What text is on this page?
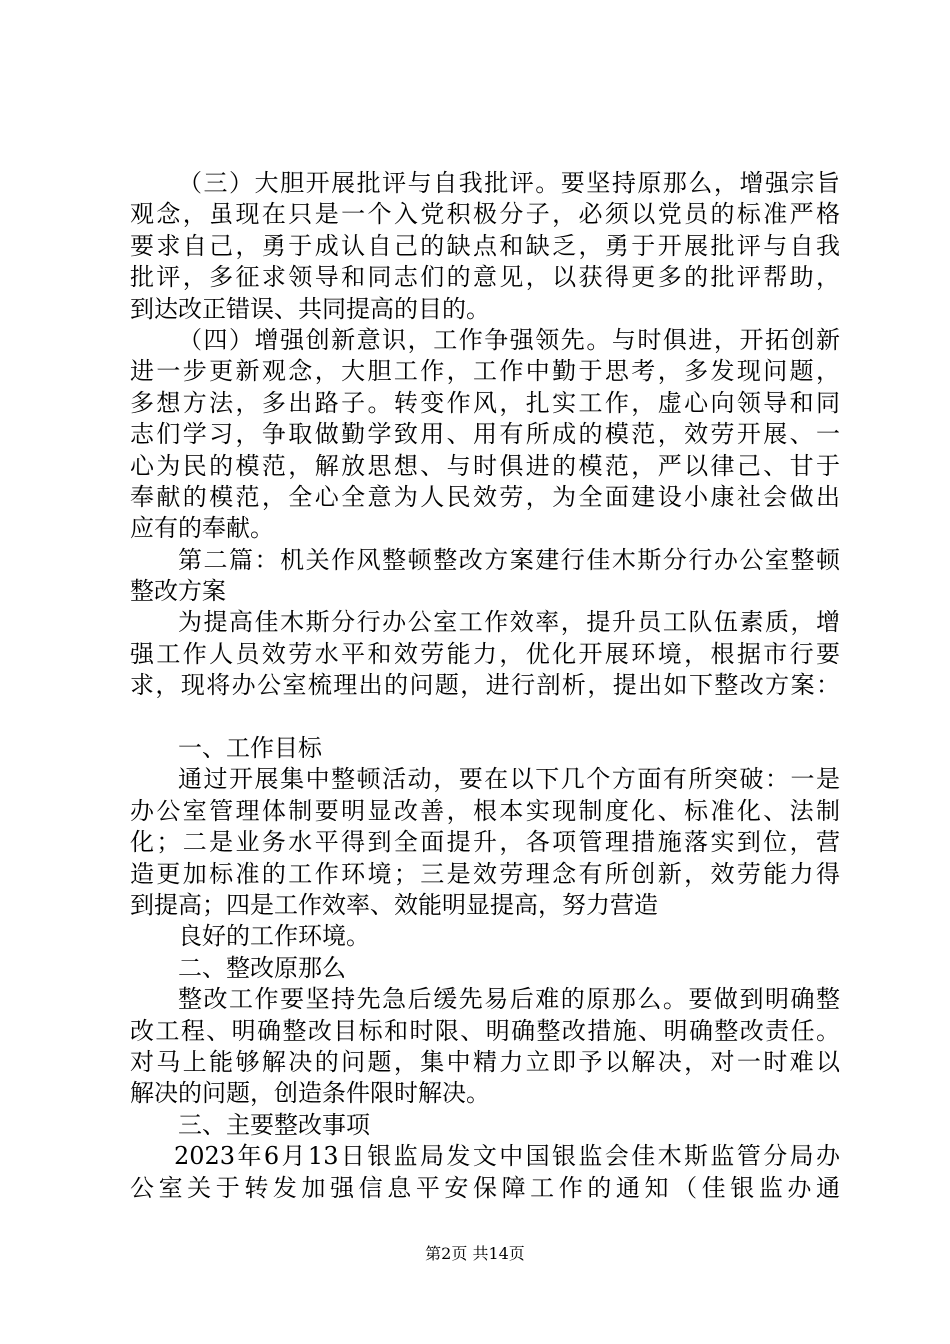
（三）大胆开展批评与自我批评。要坚持原那么，增强宗旨
观念，虽现在只是一个入党积极分子，必须以党员的标准严格
要求自己，勇于成认自己的缺点和缺乏，勇于开展批评与自我
批评，多征求领导和同志们的意见，以获得更多的批评帮助，
到达改正错误、共同提高的目的。
（四）增强创新意识，工作争强领先。与时俱进，开拓创新
进一步更新观念，大胆工作，工作中勤于思考，多发现问题，
多想方法，多出路子。转变作风，扎实工作，虚心向领导和同
志们学习，争取做勤学致用、用有所成的模范，效劳开展、一
心为民的模范，解放思想、与时俱进的模范，严以律己、甘于
奉献的模范，全心全意为人民效劳，为全面建设小康社会做出
应有的奉献。
第二篇：机关作风整顿整改方案建行佳木斯分行办公室整顿
整改方案
为提高佳木斯分行办公室工作效率，提升员工队伍素质，增
强工作人员效劳水平和效劳能力，优化开展环境，根据市行要
求，现将办公室梳理出的问题，进行剖析，提出如下整改方案：
一、工作目标
通过开展集中整顿活动，要在以下几个方面有所突破：一是
办公室管理体制要明显改善，根本实现制度化、标准化、法制
化；二是业务水平得到全面提升，各项管理措施落实到位，营
造更加标准的工作环境；三是效劳理念有所创新，效劳能力得
到提高；四是工作效率、效能明显提高，努力营造
良好的工作环境。
二、整改原那么
整改工作要坚持先急后缓先易后难的原那么。要做到明确整
改工程、明确整改目标和时限、明确整改措施、明确整改责任。
对马上能够解决的问题，集中精力立即予以解决，对一时难以
解决的问题，创造条件限时解决。
三、主要整改事项
2023年6月13日银监局发文中国银监会佳木斯监管分局办
公室关于转发加强信息平安保障工作的通知（佳银监办通
第2页 共14页
